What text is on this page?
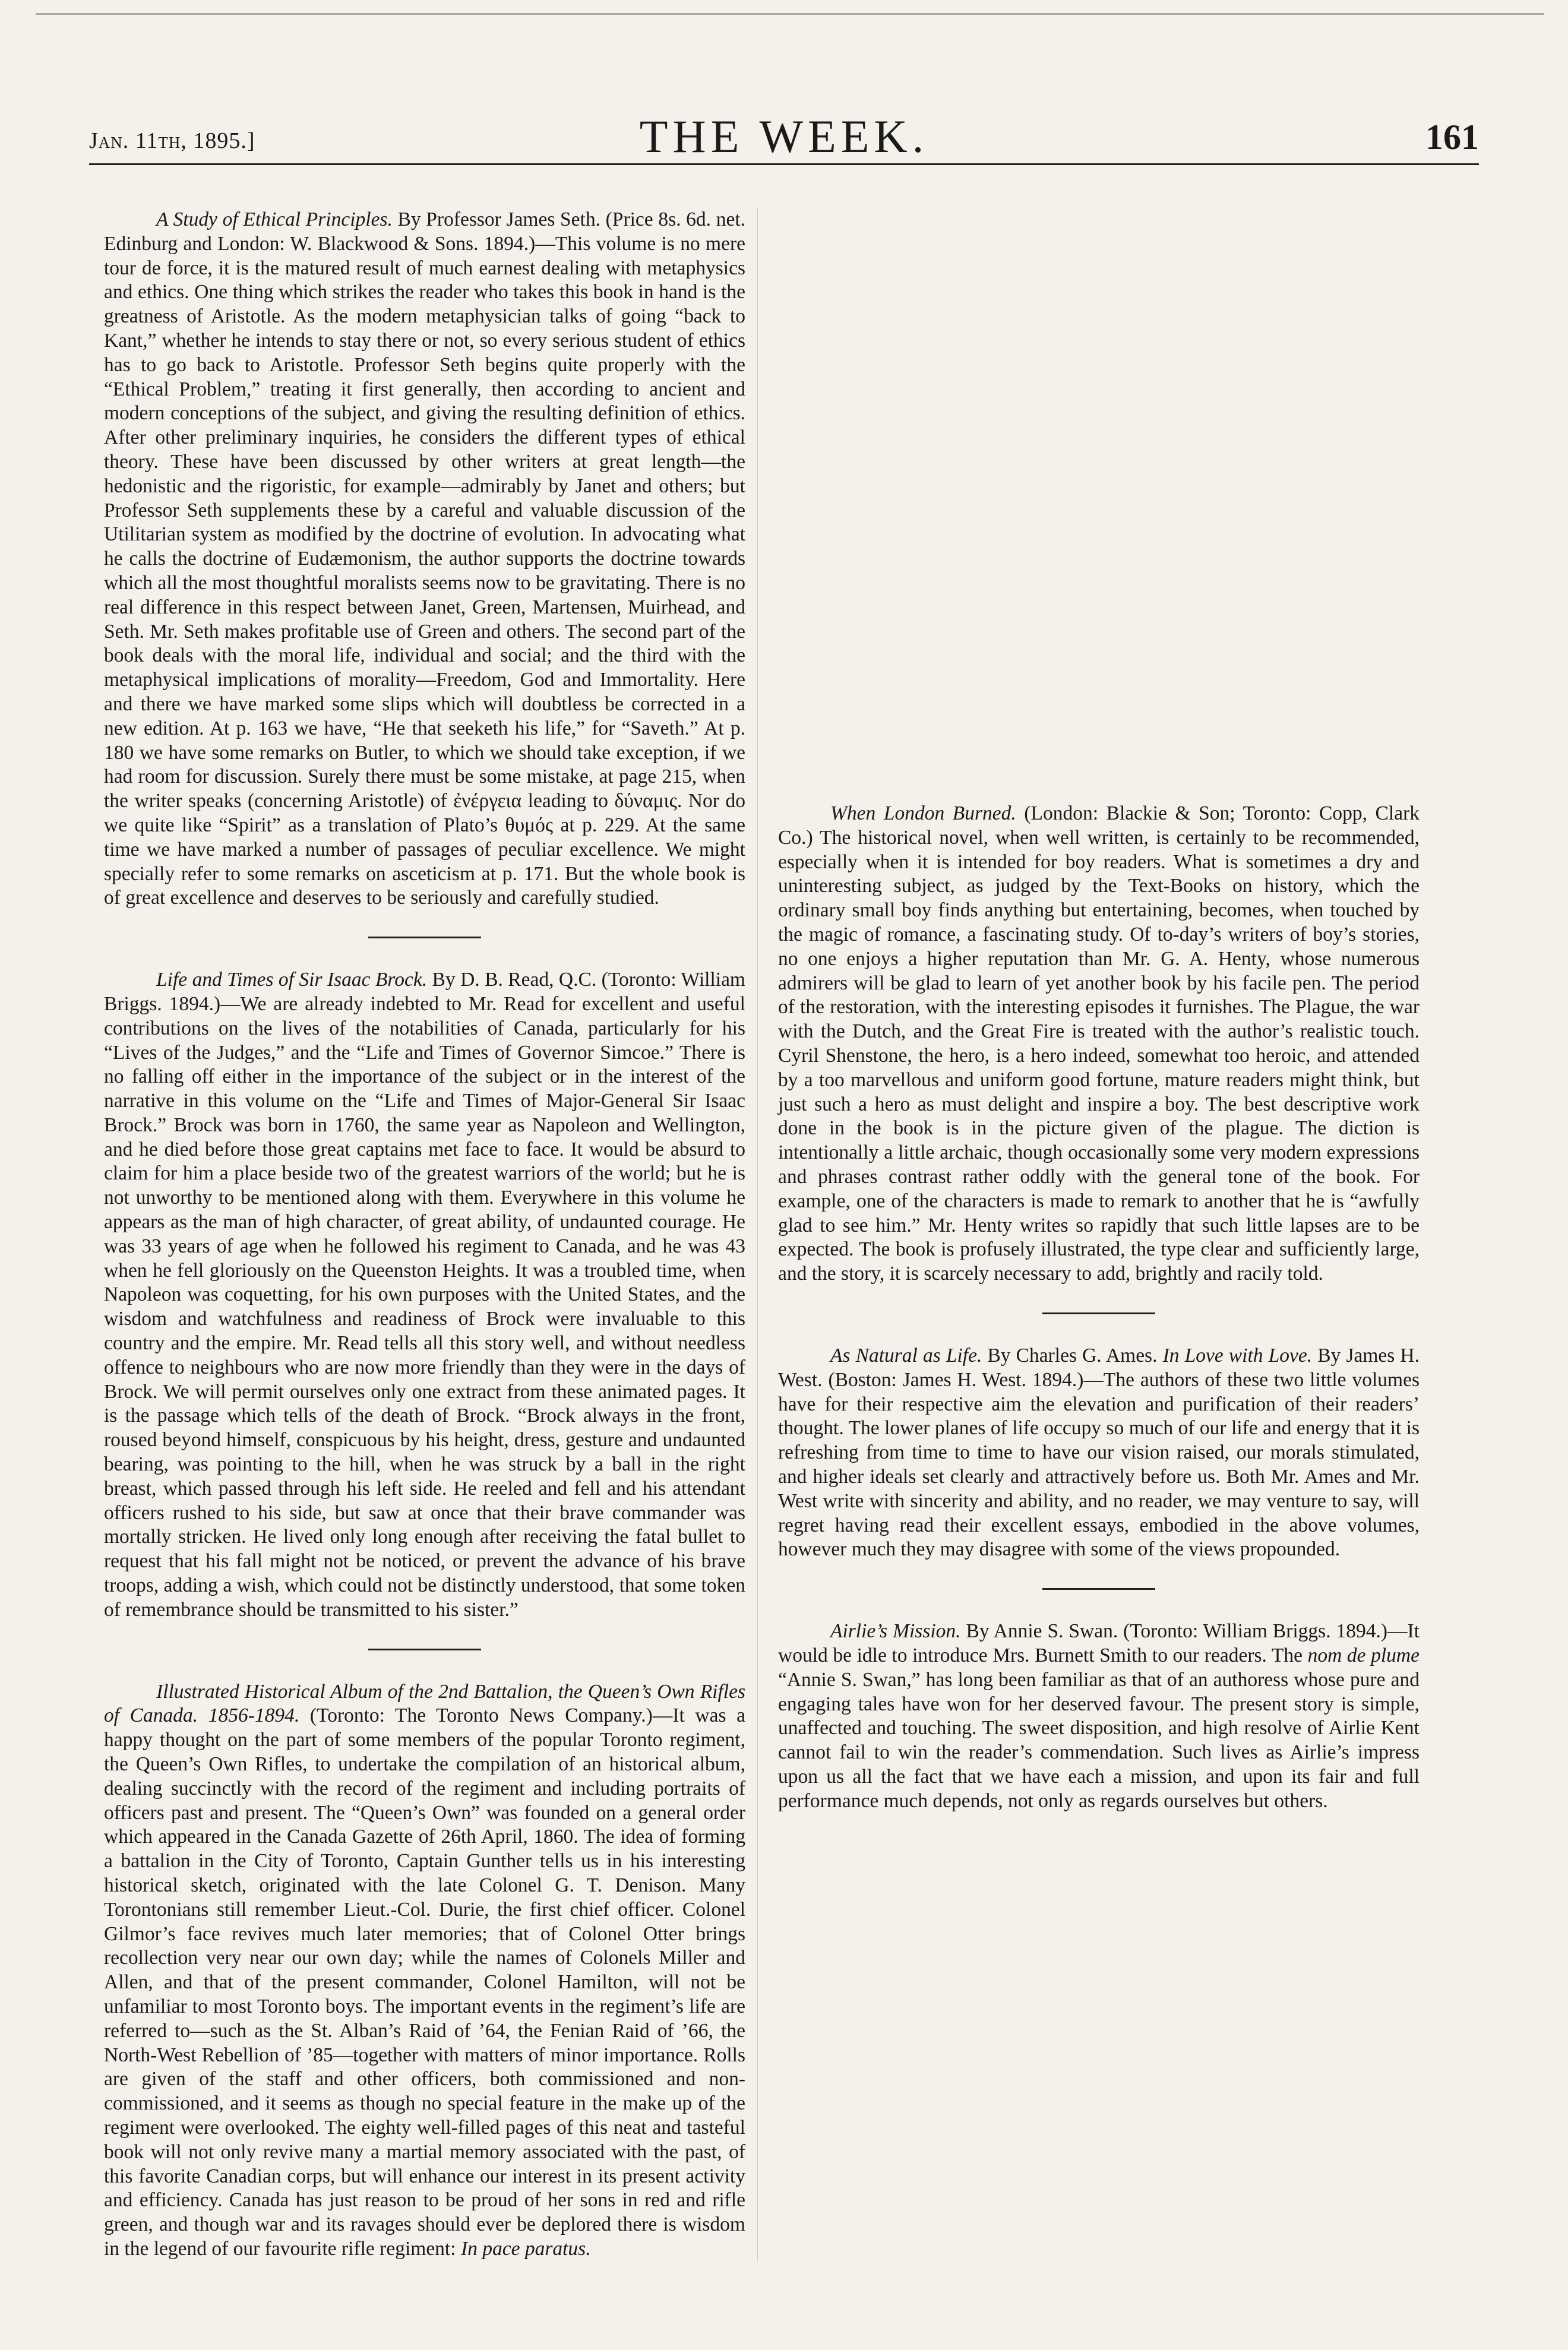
Jan. 11th, 1895.]	THE WEEK.	161

A Study of Ethical Principles. By Professor James Seth. (Price 8s. 6d. net. Edinburg and London: W. Blackwood & Sons. 1894.)—This volume is no mere tour de force, it is the matured result of much earnest dealing with metaphysics and ethics. One thing which strikes the reader who takes this book in hand is the greatness of Aristotle. As the modern metaphysician talks of going “back to Kant,” whether he intends to stay there or not, so every serious student of ethics has to go back to Aristotle. Professor Seth begins quite properly with the “Ethical Problem,” treating it first generally, then according to ancient and modern conceptions of the subject, and giving the resulting definition of ethics. After other preliminary inquiries, he considers the different types of ethical theory. These have been discussed by other writers at great length—the hedonistic and the rigoristic, for example—admirably by Janet and others; but Professor Seth supplements these by a careful and valuable discussion of the Utilitarian system as modified by the doctrine of evolution. In advocating what he calls the doctrine of Eudæmonism, the author supports the doctrine towards which all the most thoughtful moralists seems now to be gravitating. There is no real difference in this respect between Janet, Green, Martensen, Muirhead, and Seth. Mr. Seth makes profitable use of Green and others. The second part of the book deals with the moral life, individual and social; and the third with the metaphysical implications of morality—Freedom, God and Immortality. Here and there we have marked some slips which will doubtless be corrected in a new edition. At p. 163 we have, “He that seeketh his life,” for “Saveth.” At p. 180 we have some remarks on Butler, to which we should take exception, if we had room for discussion. Surely there must be some mistake, at page 215, when the writer speaks (concerning Aristotle) of ἐνέργεια leading to δύναμις. Nor do we quite like “Spirit” as a translation of Plato’s θυμός at p. 229. At the same time we have marked a number of passages of peculiar excellence. We might specially refer to some remarks on asceticism at p. 171. But the whole book is of great excellence and deserves to be seriously and carefully studied.

Life and Times of Sir Isaac Brock. By D. B. Read, Q.C. (Toronto: William Briggs. 1894.)—We are already indebted to Mr. Read for excellent and useful contributions on the lives of the notabilities of Canada, particularly for his “Lives of the Judges,” and the “Life and Times of Governor Simcoe.” There is no falling off either in the importance of the subject or in the interest of the narrative in this volume on the “Life and Times of Major-General Sir Isaac Brock.” Brock was born in 1760, the same year as Napoleon and Wellington, and he died before those great captains met face to face. It would be absurd to claim for him a place beside two of the greatest warriors of the world; but he is not unworthy to be mentioned along with them. Everywhere in this volume he appears as the man of high character, of great ability, of undaunted courage. He was 33 years of age when he followed his regiment to Canada, and he was 43 when he fell gloriously on the Queenston Heights. It was a troubled time, when Napoleon was coquetting, for his own purposes with the United States, and the wisdom and watchfulness and readiness of Brock were invaluable to this country and the empire. Mr. Read tells all this story well, and without needless offence to neighbours who are now more friendly than they were in the days of Brock. We will permit ourselves only one extract from these animated pages. It is the passage which tells of the death of Brock. “Brock always in the front, roused beyond himself, conspicuous by his height, dress, gesture and undaunted bearing, was pointing to the hill, when he was struck by a ball in the right breast, which passed through his left side. He reeled and fell and his attendant officers rushed to his side, but saw at once that their brave commander was mortally stricken. He lived only long enough after receiving the fatal bullet to request that his fall might not be noticed, or prevent the advance of his brave troops, adding a wish, which could not be distinctly understood, that some token of remembrance should be transmitted to his sister.”

Illustrated Historical Album of the 2nd Battalion, the Queen’s Own Rifles of Canada. 1856-1894. (Toronto: The Toronto News Company.)—It was a happy thought on the part of some members of the popular Toronto regiment, the Queen’s Own Rifles, to undertake the compilation of an historical album, dealing succinctly with the record of the regiment and including portraits of officers past and present. The “Queen’s Own” was founded on a general order which appeared in the Canada Gazette of 26th April, 1860. The idea of forming a battalion in the City of Toronto, Captain Gunther tells us in his interesting historical sketch, originated with the late Colonel G. T. Denison. Many Torontonians still remember Lieut.-Col. Durie, the first chief officer. Colonel Gilmor’s face revives much later memories; that of Colonel Otter brings recollection very near our own day; while the names of Colonels Miller and Allen, and that of the present commander, Colonel Hamilton, will not be unfamiliar to most Toronto boys. The important events in the regiment’s life are referred to—such as the St. Alban’s Raid of ’64, the Fenian Raid of ’66, the North-West Rebellion of ’85—together with matters of minor importance. Rolls are given of the staff and other officers, both commissioned and non-commissioned, and it seems as though no special feature in the make up of the regiment were overlooked. The eighty well-filled pages of this neat and tasteful book will not only revive many a martial memory associated with the past, of this favorite Canadian corps, but will enhance our interest in its present activity and efficiency. Canada has just reason to be proud of her sons in red and rifle green, and though war and its ravages should ever be deplored there is wisdom in the legend of our favourite rifle regiment: In pace paratus.

When London Burned. (London: Blackie & Son; Toronto: Copp, Clark Co.) The historical novel, when well written, is certainly to be recommended, especially when it is intended for boy readers. What is sometimes a dry and uninteresting subject, as judged by the Text-Books on history, which the ordinary small boy finds anything but entertaining, becomes, when touched by the magic of romance, a fascinating study. Of to-day’s writers of boy’s stories, no one enjoys a higher reputation than Mr. G. A. Henty, whose numerous admirers will be glad to learn of yet another book by his facile pen. The period of the restoration, with the interesting episodes it furnishes. The Plague, the war with the Dutch, and the Great Fire is treated with the author’s realistic touch. Cyril Shenstone, the hero, is a hero indeed, somewhat too heroic, and attended by a too marvellous and uniform good fortune, mature readers might think, but just such a hero as must delight and inspire a boy. The best descriptive work done in the book is in the picture given of the plague. The diction is intentionally a little archaic, though occasionally some very modern expressions and phrases contrast rather oddly with the general tone of the book. For example, one of the characters is made to remark to another that he is “awfully glad to see him.” Mr. Henty writes so rapidly that such little lapses are to be expected. The book is profusely illustrated, the type clear and sufficiently large, and the story, it is scarcely necessary to add, brightly and racily told.

As Natural as Life. By Charles G. Ames. In Love with Love. By James H. West. (Boston: James H. West. 1894.)—The authors of these two little volumes have for their respective aim the elevation and purification of their readers’ thought. The lower planes of life occupy so much of our life and energy that it is refreshing from time to time to have our vision raised, our morals stimulated, and higher ideals set clearly and attractively before us. Both Mr. Ames and Mr. West write with sincerity and ability, and no reader, we may venture to say, will regret having read their excellent essays, embodied in the above volumes, however much they may disagree with some of the views propounded.

Airlie’s Mission. By Annie S. Swan. (Toronto: William Briggs. 1894.)—It would be idle to introduce Mrs. Burnett Smith to our readers. The nom de plume “Annie S. Swan,” has long been familiar as that of an authoress whose pure and engaging tales have won for her deserved favour. The present story is simple, unaffected and touching. The sweet disposition, and high resolve of Airlie Kent cannot fail to win the reader’s commendation. Such lives as Airlie’s impress upon us all the fact that we have each a mission, and upon its fair and full performance much depends, not only as regards ourselves but others.
